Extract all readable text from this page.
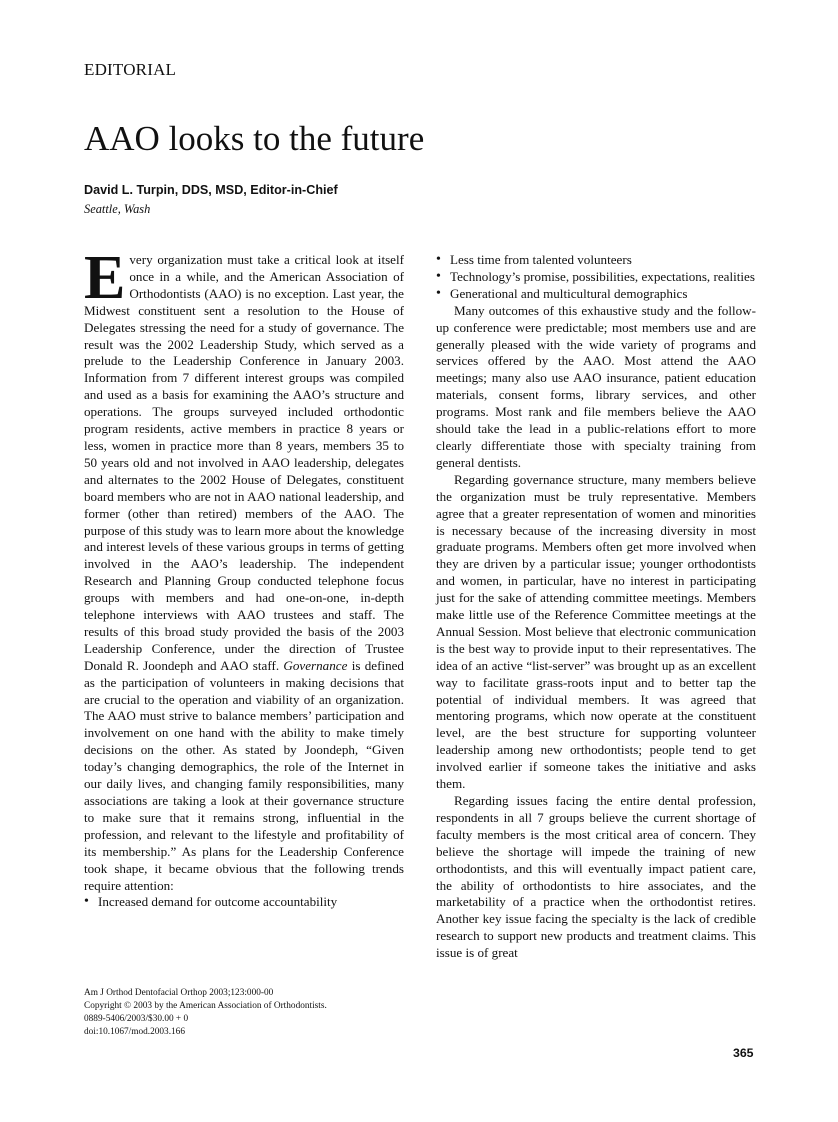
EDITORIAL
AAO looks to the future
David L. Turpin, DDS, MSD, Editor-in-Chief
Seattle, Wash

Every organization must take a critical look at itself once in a while, and the American Association of Orthodontists (AAO) is no exception. Last year, the Midwest constituent sent a resolution to the House of Delegates stressing the need for a study of governance. The result was the 2002 Leadership Study, which served as a prelude to the Leadership Conference in January 2003. Information from 7 different interest groups was compiled and used as a basis for examining the AAO’s structure and operations. The groups surveyed included orthodontic program residents, active members in practice 8 years or less, women in practice more than 8 years, members 35 to 50 years old and not involved in AAO leadership, delegates and alternates to the 2002 House of Delegates, constituent board members who are not in AAO national leadership, and former (other than retired) members of the AAO. The purpose of this study was to learn more about the knowledge and interest levels of these various groups in terms of getting involved in the AAO’s leadership. The independent Research and Planning Group conducted telephone focus groups with members and had one-on-one, in-depth telephone interviews with AAO trustees and staff. The results of this broad study provided the basis of the 2003 Leadership Conference, under the direction of Trustee Donald R. Joondeph and AAO staff. Governance is defined as the participation of volunteers in making decisions that are crucial to the operation and viability of an organization. The AAO must strive to balance members’ participation and involvement on one hand with the ability to make timely decisions on the other. As stated by Joondeph, “Given today’s changing demographics, the role of the Internet in our daily lives, and changing family responsibilities, many associations are taking a look at their governance structure to make sure that it remains strong, influential in the profession, and relevant to the lifestyle and profitability of its membership.” As plans for the Leadership Conference took shape, it became obvious that the following trends require attention:

• Increased demand for outcome accountability
• Less time from talented volunteers
• Technology’s promise, possibilities, expectations, realities
• Generational and multicultural demographics

Many outcomes of this exhaustive study and the follow-up conference were predictable; most members use and are generally pleased with the wide variety of programs and services offered by the AAO. Most attend the AAO meetings; many also use AAO insurance, patient education materials, consent forms, library services, and other programs. Most rank and file members believe the AAO should take the lead in a public-relations effort to more clearly differentiate those with specialty training from general dentists.

Regarding governance structure, many members believe the organization must be truly representative. Members agree that a greater representation of women and minorities is necessary because of the increasing diversity in most graduate programs. Members often get more involved when they are driven by a particular issue; younger orthodontists and women, in particular, have no interest in participating just for the sake of attending committee meetings. Members make little use of the Reference Committee meetings at the Annual Session. Most believe that electronic communication is the best way to provide input to their representatives. The idea of an active “list-server” was brought up as an excellent way to facilitate grass-roots input and to better tap the potential of individual members. It was agreed that mentoring programs, which now operate at the constituent level, are the best structure for supporting volunteer leadership among new orthodontists; people tend to get involved earlier if someone takes the initiative and asks them.

Regarding issues facing the entire dental profession, respondents in all 7 groups believe the current shortage of faculty members is the most critical area of concern. They believe the shortage will impede the training of new orthodontists, and this will eventually impact patient care, the ability of orthodontists to hire associates, and the marketability of a practice when the orthodontist retires. Another key issue facing the specialty is the lack of credible research to support new products and treatment claims. This issue is of great

Am J Orthod Dentofacial Orthop 2003;123:000-00
Copyright © 2003 by the American Association of Orthodontists.
0889-5406/2003/$30.00 + 0
doi:10.1067/mod.2003.166
365
